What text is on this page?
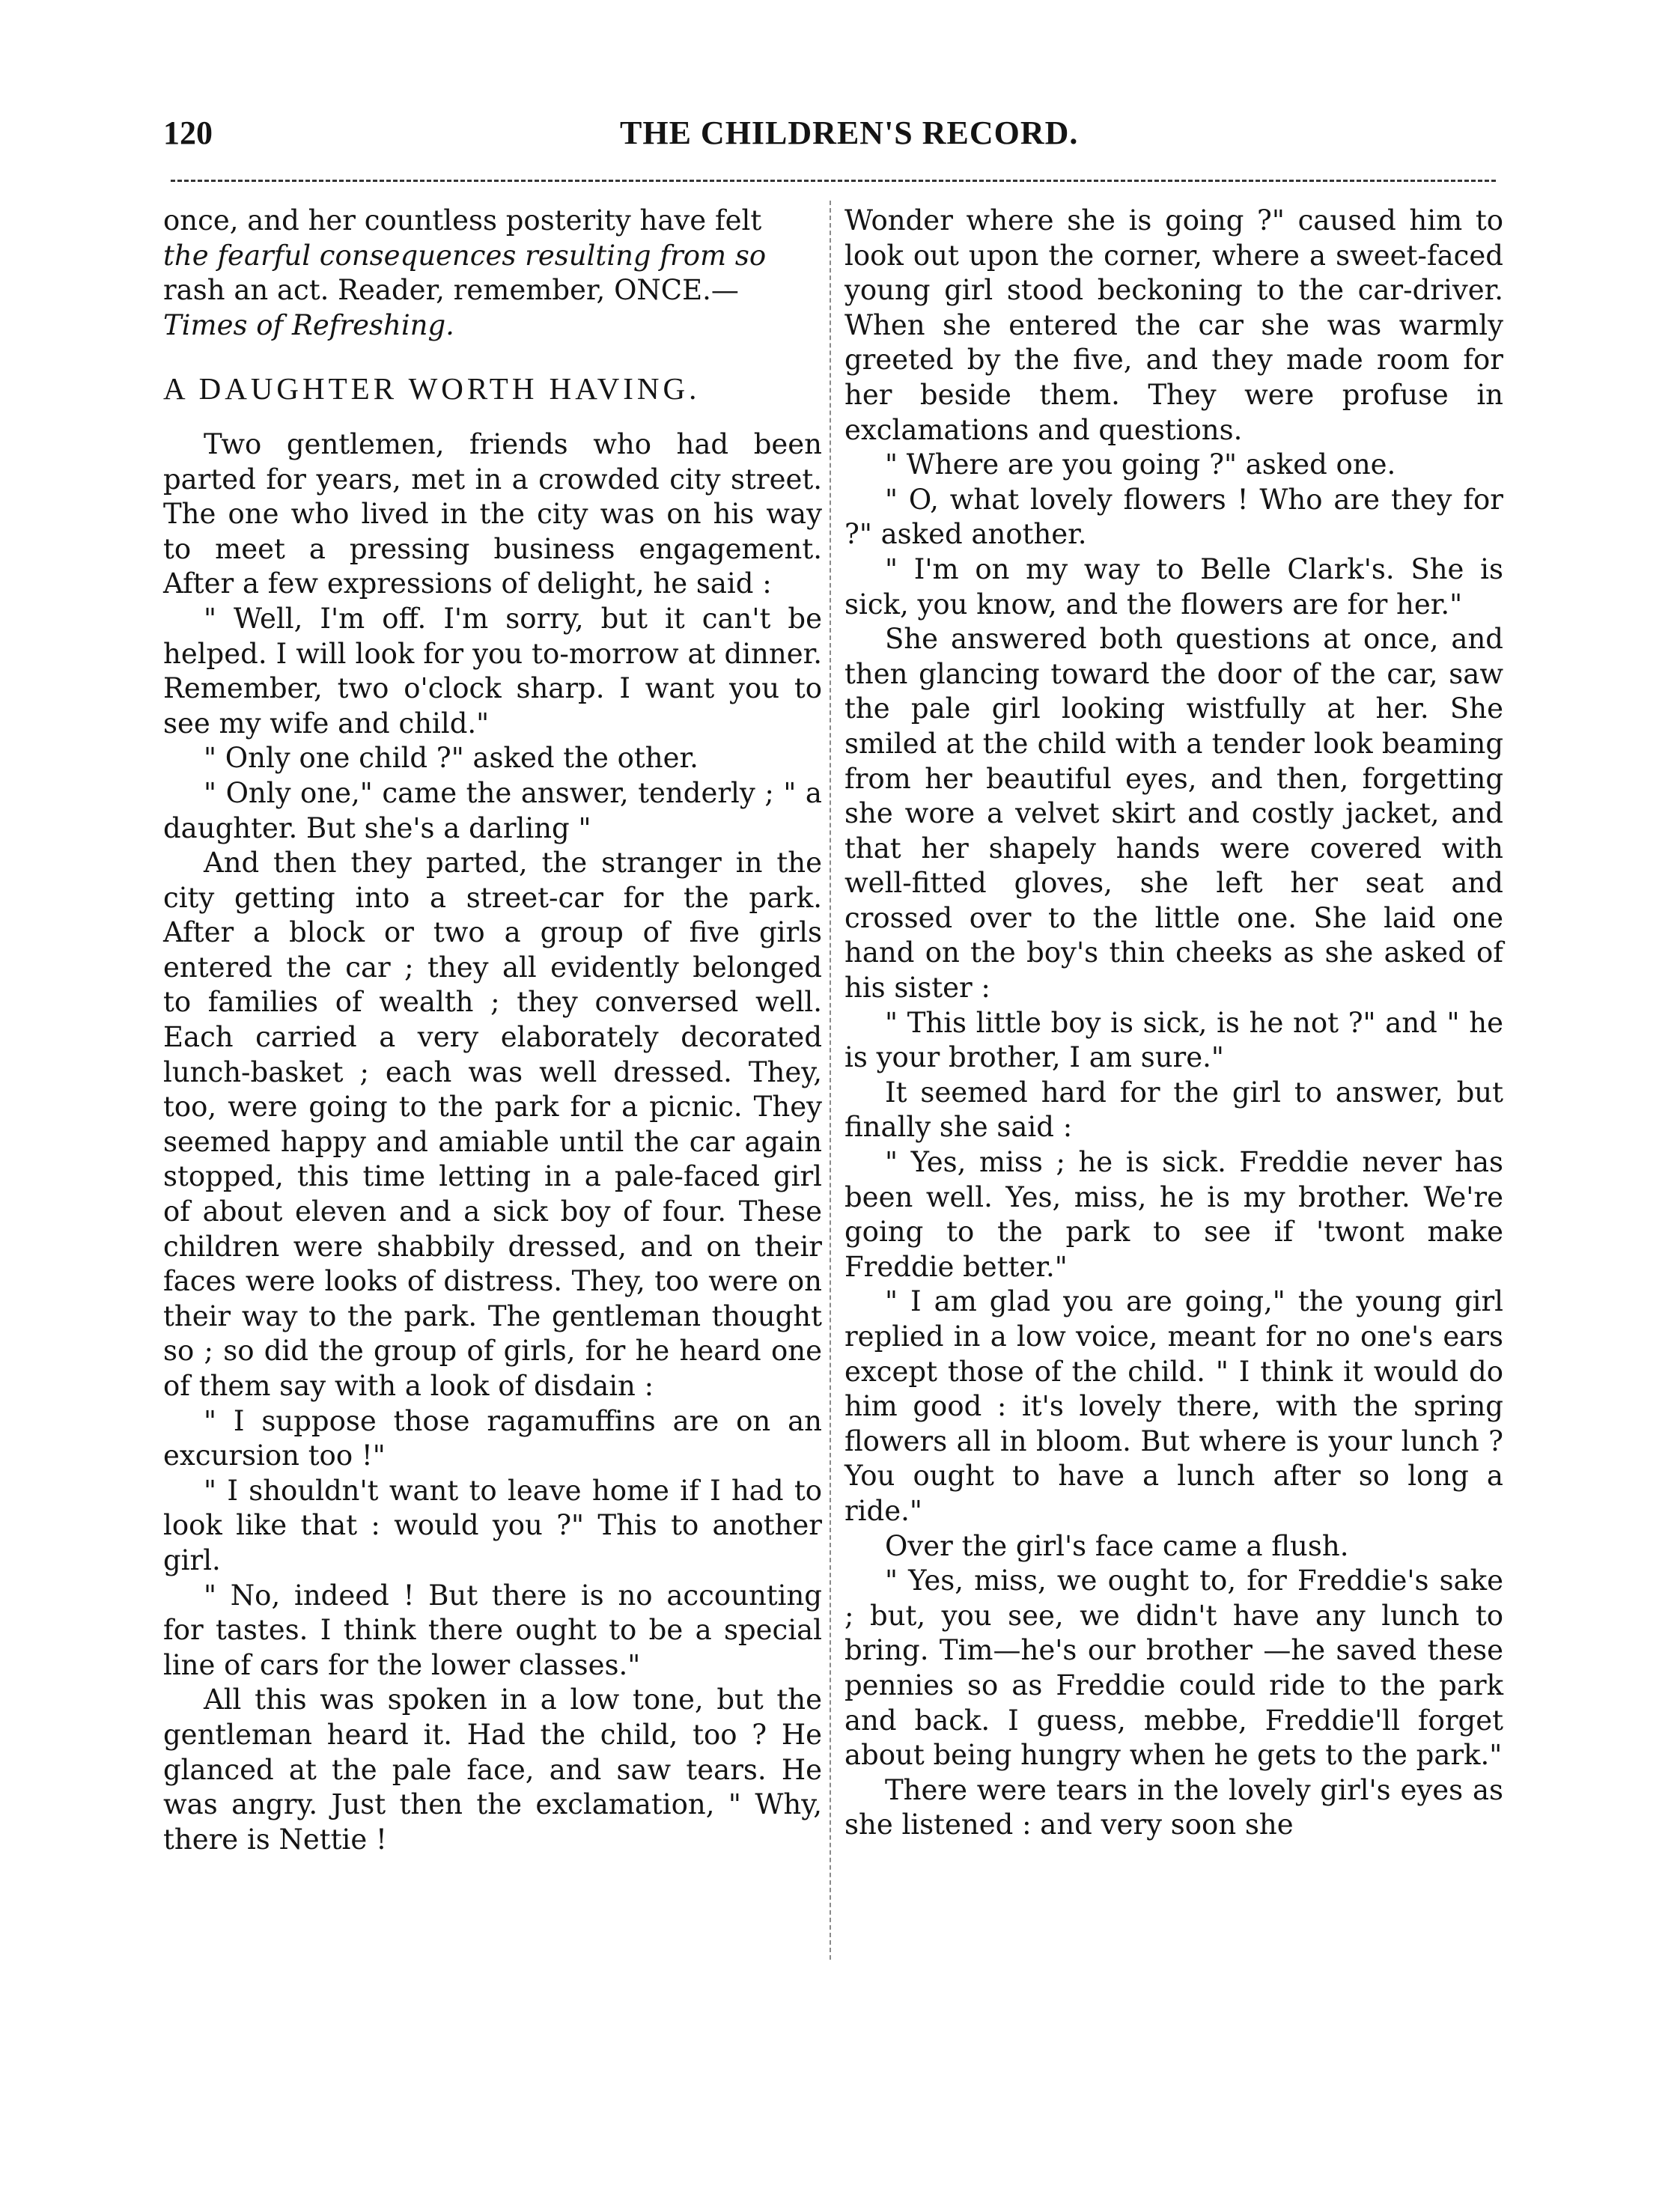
120	THE CHILDREN'S RECORD.

once, and her countless posterity have felt

the fearful consequences resulting from so

rash an act. Reader, remember, ONCE.—

Times of Refreshing.

A DAUGHTER WORTH HAVING.

Two gentlemen, friends who had been parted for years, met in a crowded city street. The one who lived in the city was on his way to meet a pressing business engagement. After a few expressions of delight, he said :

" Well, I'm off. I'm sorry, but it can't be helped. I will look for you to-morrow at dinner. Remember, two o'clock sharp. I want you to see my wife and child."

" Only one child ?" asked the other.

" Only one," came the answer, tenderly ; " a daughter. But she's a darling "

And then they parted, the stranger in the city getting into a street-car for the park. After a block or two a group of five girls entered the car ; they all evidently belonged to families of wealth ; they conversed well. Each carried a very elaborately decorated lunch-basket ; each was well dressed. They, too, were going to the park for a picnic. They seemed happy and amiable until the car again stopped, this time letting in a pale-faced girl of about eleven and a sick boy of four. These children were shabbily dressed, and on their faces were looks of distress. They, too were on their way to the park. The gentleman thought so ; so did the group of girls, for he heard one of them say with a look of disdain :

" I suppose those ragamuffins are on an excursion too !"

" I shouldn't want to leave home if I had to look like that : would you ?" This to another girl.

" No, indeed ! But there is no accounting for tastes. I think there ought to be a special line of cars for the lower classes."

All this was spoken in a low tone, but the gentleman heard it. Had the child, too ? He glanced at the pale face, and saw tears. He was angry. Just then the exclamation, " Why, there is Nettie !

Wonder where she is going ?" caused him to look out upon the corner, where a sweet-faced young girl stood beckoning to the car-driver. When she entered the car she was warmly greeted by the five, and they made room for her beside them. They were profuse in exclamations and questions.

" Where are you going ?" asked one.

" O, what lovely flowers ! Who are they for ?" asked another.

" I'm on my way to Belle Clark's. She is sick, you know, and the flowers are for her."

She answered both questions at once, and then glancing toward the door of the car, saw the pale girl looking wistfully at her. She smiled at the child with a tender look beaming from her beautiful eyes, and then, forgetting she wore a velvet skirt and costly jacket, and that her shapely hands were covered with well-fitted gloves, she left her seat and crossed over to the little one. She laid one hand on the boy's thin cheeks as she asked of his sister :

" This little boy is sick, is he not ?" and " he is your brother, I am sure."

It seemed hard for the girl to answer, but finally she said :

" Yes, miss ; he is sick. Freddie never has been well. Yes, miss, he is my brother. We're going to the park to see if 'twont make Freddie better."

" I am glad you are going," the young girl replied in a low voice, meant for no one's ears except those of the child. " I think it would do him good : it's lovely there, with the spring flowers all in bloom. But where is your lunch ? You ought to have a lunch after so long a ride."

Over the girl's face came a flush.

" Yes, miss, we ought to, for Freddie's sake ; but, you see, we didn't have any lunch to bring. Tim—he's our brother —he saved these pennies so as Freddie could ride to the park and back. I guess, mebbe, Freddie'll forget about being hungry when he gets to the park."

There were tears in the lovely girl's eyes as she listened : and very soon she
